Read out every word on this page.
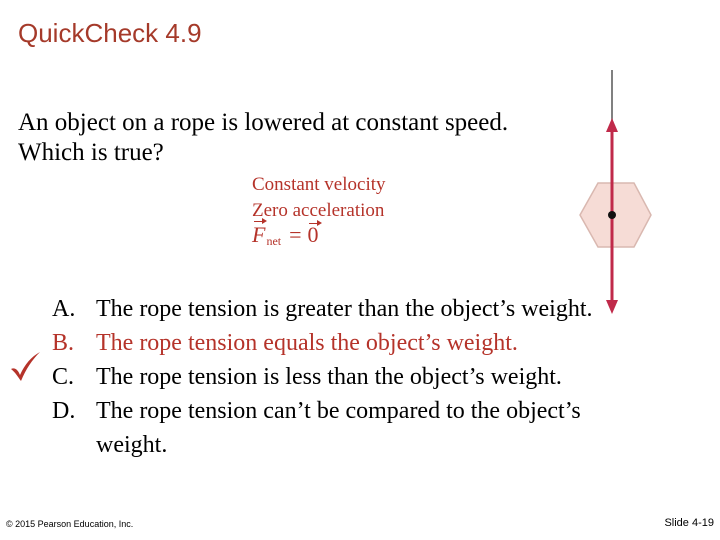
QuickCheck 4.9
An object on a rope is lowered at constant speed.
Which is true?
Constant velocity
Zero acceleration
Fnet = 0
A. The rope tension is greater than the object’s weight.
B. The rope tension equals the object’s weight.
C. The rope tension is less than the object’s weight.
D. The rope tension can’t be compared to the object’s weight.
© 2015 Pearson Education, Inc.	Slide 4-19
